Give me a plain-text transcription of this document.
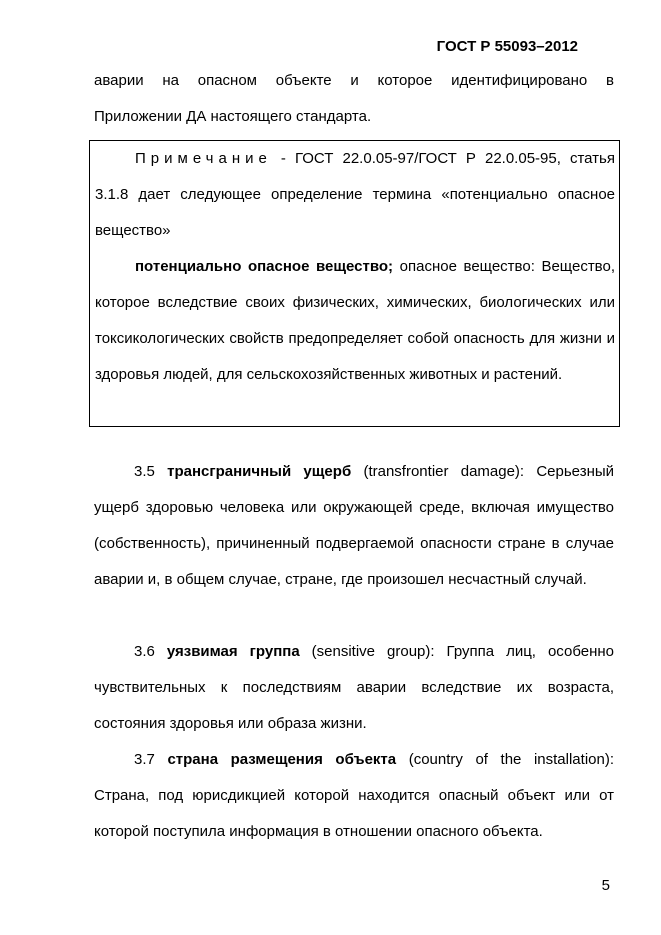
ГОСТ Р 55093–2012

аварии на опасном объекте и которое идентифицировано в

Приложении ДА настоящего стандарта.

Примечание - ГОСТ 22.0.05-97/ГОСТ Р 22.0.05-95, статья 3.1.8 дает следующее определение термина «потенциально опасное вещество»

потенциально опасное вещество; опасное вещество: Вещество, которое вследствие своих физических, химических, биологических или токсикологических свойств предопределяет собой опасность для жизни и здоровья людей, для сельскохозяйственных животных и растений.

3.5 трансграничный ущерб (transfrontier damage): Серьезный ущерб здоровью человека или окружающей среде, включая имущество (собственность), причиненный подвергаемой опасности стране в случае аварии и, в общем случае, стране, где произошел несчастный случай.

3.6 уязвимая группа (sensitive group): Группа лиц, особенно чувствительных к последствиям аварии вследствие их возраста, состояния здоровья или образа жизни.

3.7 страна размещения объекта (country of the installation): Страна, под юрисдикцией которой находится опасный объект или от которой поступила информация в отношении опасного объекта.

5
